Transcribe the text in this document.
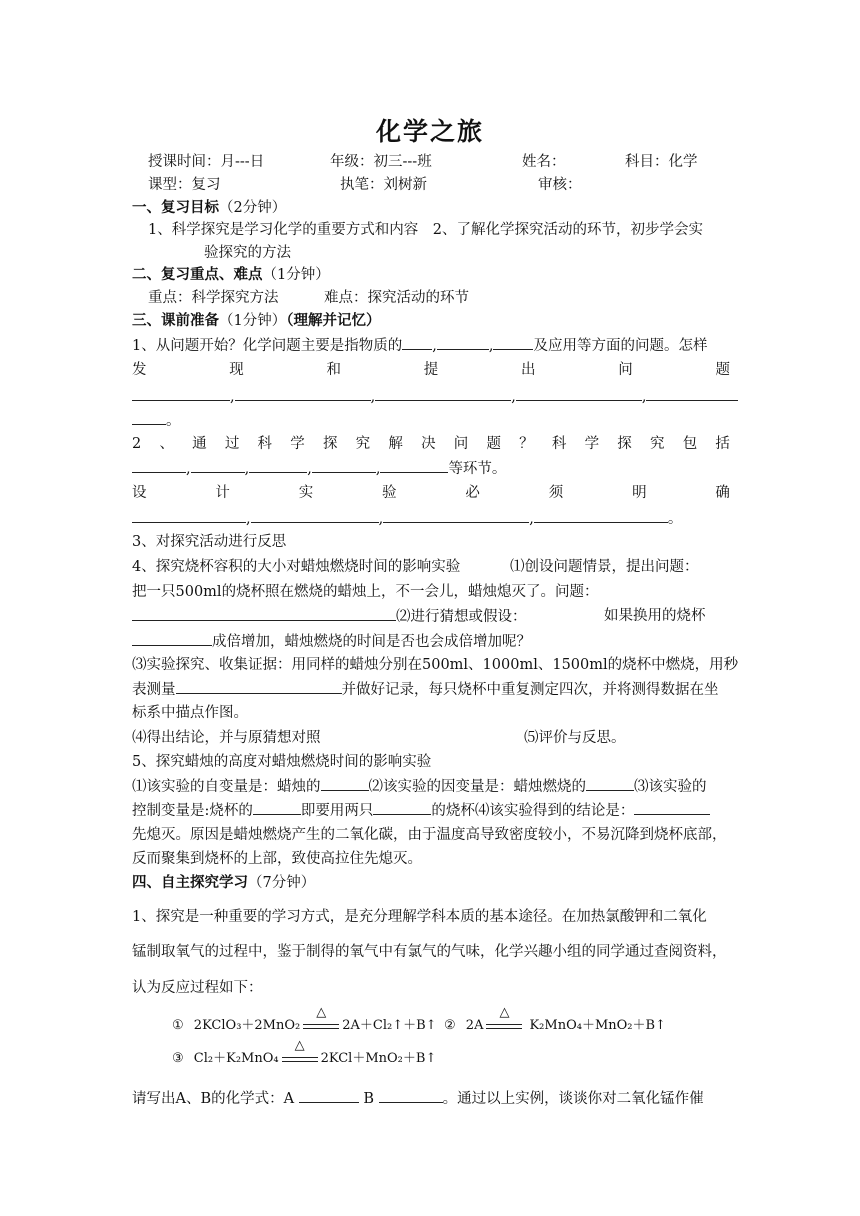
化学之旅
授课时间：月---日	年级：初三---班	姓名：	科目：化学
课型：复习	执笔：刘树新	审核：
一、复习目标（2分钟）
1、科学探究是学习化学的重要方式和内容　2、了解化学探究活动的环节，初步学会实
验探究的方法
二、复习重点、难点（1分钟）
重点：科学探究方法	难点：探究活动的环节
三、课前准备（1分钟）（理解并记忆）
1、从问题开始？化学问题主要是指物质的 ,	,	及应用等方面的问题。怎样
发	现	和	提	出	问	题
,	,	,	,
。
2 、 通 过 科 学 探 究 解 决 问 题 ？ 科 学 探 究 包 括
,	,	,	,	等环节。
设	计	实	验	必	须	明	确
,	,	,	。
3、对探究活动进行反思
4、探究烧杯容积的大小对蜡烛燃烧时间的影响实验	⑴创设问题情景，提出问题：
把一只500ml的烧杯照在燃烧的蜡烛上，不一会儿，蜡烛熄灭了。问题：
⑵进行猜想或假设：	如果换用的烧杯
成倍增加，蜡烛燃烧的时间是否也会成倍增加呢？
⑶实验探究、收集证据：用同样的蜡烛分别在500ml、1000ml、1500ml的烧杯中燃烧，用秒
表测量	并做好记录，每只烧杯中重复测定四次，并将测得数据在坐
标系中描点作图。
⑷得出结论，并与原猜想对照	⑸评价与反思。
5、探究蜡烛的高度对蜡烛燃烧时间的影响实验
⑴该实验的自变量是：蜡烛的	⑵该实验的因变量是：蜡烛燃烧的	⑶该实验的
控制变量是:烧杯的	即要用两只	的烧杯⑷该实验得到的结论是：
先熄灭。原因是蜡烛燃烧产生的二氧化碳，由于温度高导致密度较小，不易沉降到烧杯底部，
反而聚集到烧杯的上部，致使高拉住先熄灭。
四、自主探究学习（7分钟）
1、探究是一种重要的学习方式，是充分理解学科本质的基本途径。在加热氯酸钾和二氧化
锰制取氧气的过程中，鉴于制得的氧气中有氯气的气味，化学兴趣小组的同学通过查阅资料，
认为反应过程如下：
① 2KClO₃＋2MnO₂
△
2A＋Cl₂↑＋B↑ ② 2A
△
K₂MnO₄＋MnO₂＋B↑
③ Cl₂＋K₂MnO₄
△
2KCl＋MnO₂＋B↑
请写出A、B的化学式：A	B	。通过以上实例，谈谈你对二氧化锰作催
